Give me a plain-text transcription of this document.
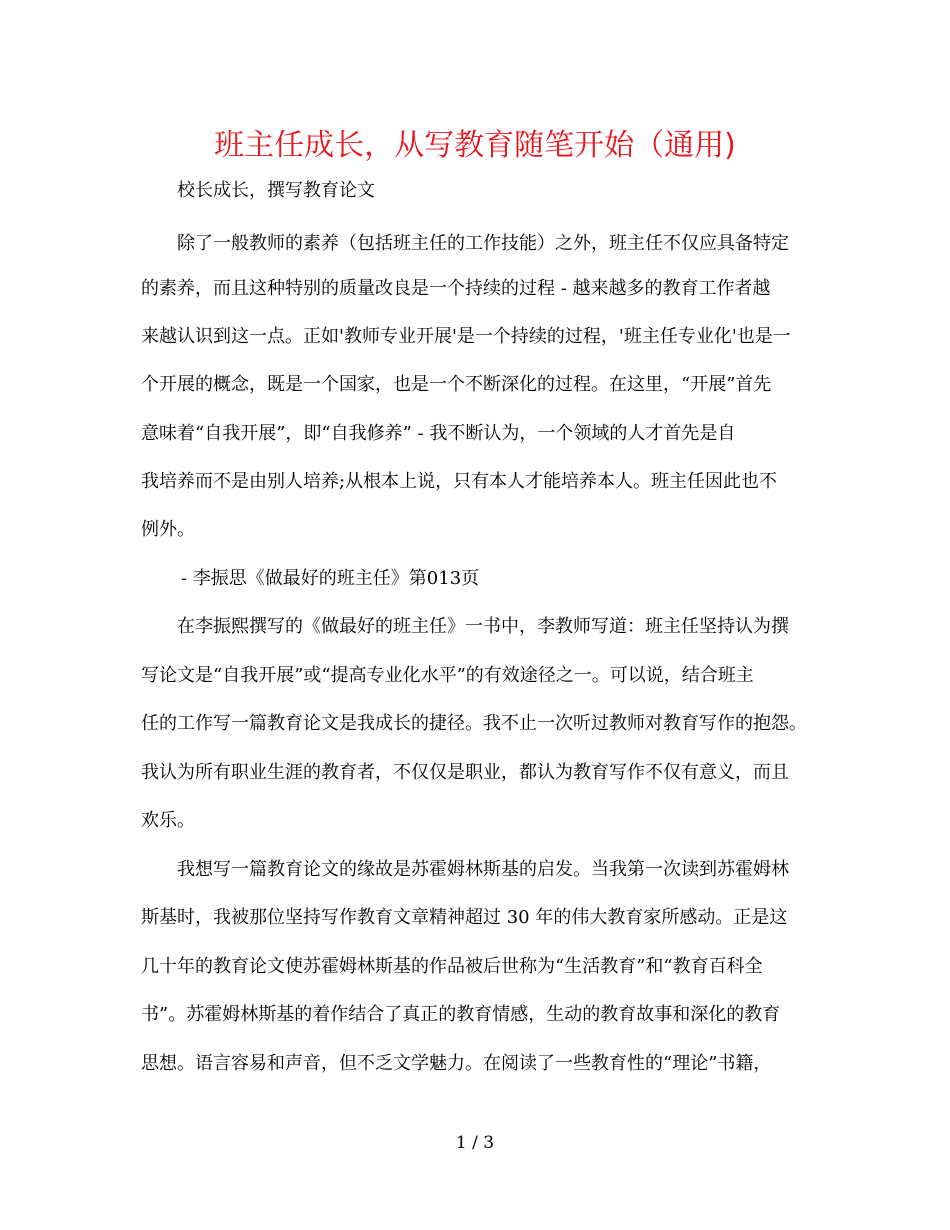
班主任成长，从写教育随笔开始（通用)
校长成长，撰写教育论文
除了一般教师的素养（包括班主任的工作技能）之外，班主任不仅应具备特定
的素养，而且这种特别的质量改良是一个持续的过程 - 越来越多的教育工作者越
来越认识到这一点。正如'教师专业开展'是一个持续的过程，'班主任专业化'也是一
个开展的概念，既是一个国家，也是一个不断深化的过程。在这里，“开展”首先
意味着“自我开展”，即“自我修养” - 我不断认为，一个领域的人才首先是自
我培养而不是由别人培养;从根本上说，只有本人才能培养本人。班主任因此也不
例外。
- 李振思《做最好的班主任》第013页
在李振熙撰写的《做最好的班主任》一书中，李教师写道：班主任坚持认为撰
写论文是“自我开展”或“提高专业化水平”的有效途径之一。可以说，结合班主
任的工作写一篇教育论文是我成长的捷径。我不止一次听过教师对教育写作的抱怨。
我认为所有职业生涯的教育者，不仅仅是职业，都认为教育写作不仅有意义，而且
欢乐。
我想写一篇教育论文的缘故是苏霍姆林斯基的启发。当我第一次读到苏霍姆林
斯基时，我被那位坚持写作教育文章精神超过 30 年的伟大教育家所感动。正是这
几十年的教育论文使苏霍姆林斯基的作品被后世称为“生活教育”和“教育百科全
书”。苏霍姆林斯基的着作结合了真正的教育情感，生动的教育故事和深化的教育
思想。语言容易和声音，但不乏文学魅力。在阅读了一些教育性的“理论”书籍，
1 / 3
